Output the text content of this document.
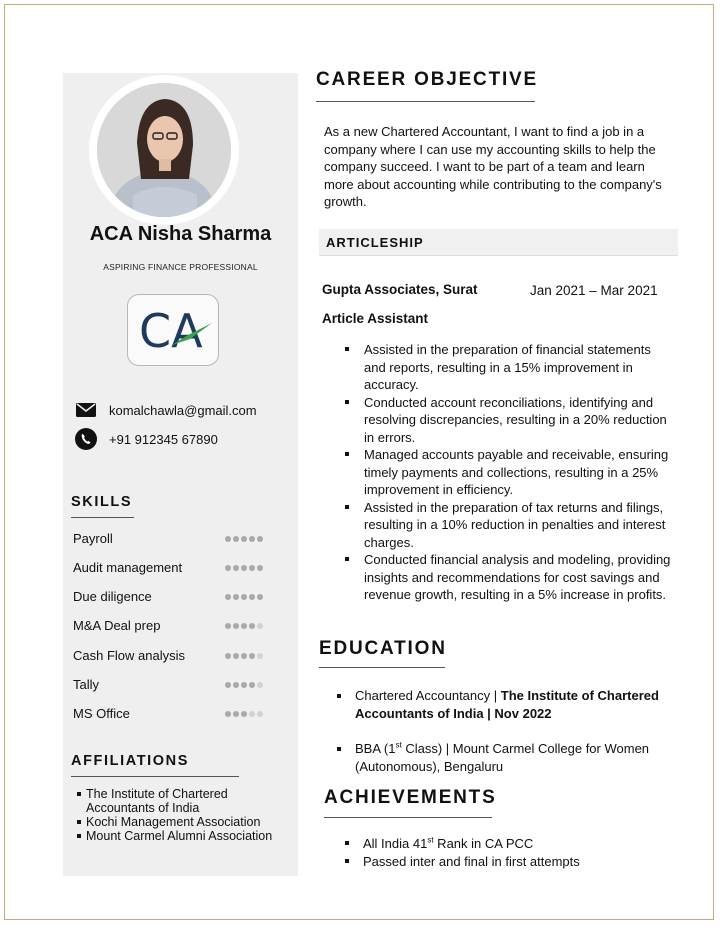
ACA Nisha Sharma
ASPIRING FINANCE PROFESSIONAL
CA
komalchawla@gmail.com
+91 912345 67890
SKILLS
Payroll
Audit management
Due diligence
M&A Deal prep
Cash Flow analysis
Tally
MS Office
AFFILIATIONS
The Institute of Chartered Accountants of India
Kochi Management Association
Mount Carmel Alumni Association
CAREER OBJECTIVE
As a new Chartered Accountant, I want to find a job in a company where I can use my accounting skills to help the company succeed. I want to be part of a team and learn more about accounting while contributing to the company's growth.
ARTICLESHIP
Gupta Associates, Surat	Jan 2021 – Mar 2021
Article Assistant
Assisted in the preparation of financial statements and reports, resulting in a 15% improvement in accuracy.
Conducted account reconciliations, identifying and resolving discrepancies, resulting in a 20% reduction in errors.
Managed accounts payable and receivable, ensuring timely payments and collections, resulting in a 25% improvement in efficiency.
Assisted in the preparation of tax returns and filings, resulting in a 10% reduction in penalties and interest charges.
Conducted financial analysis and modeling, providing insights and recommendations for cost savings and revenue growth, resulting in a 5% increase in profits.
EDUCATION
Chartered Accountancy | The Institute of Chartered Accountants of India | Nov 2022
BBA (1st Class) | Mount Carmel College for Women (Autonomous), Bengaluru
ACHIEVEMENTS
All India 41st Rank in CA PCC
Passed inter and final in first attempts
